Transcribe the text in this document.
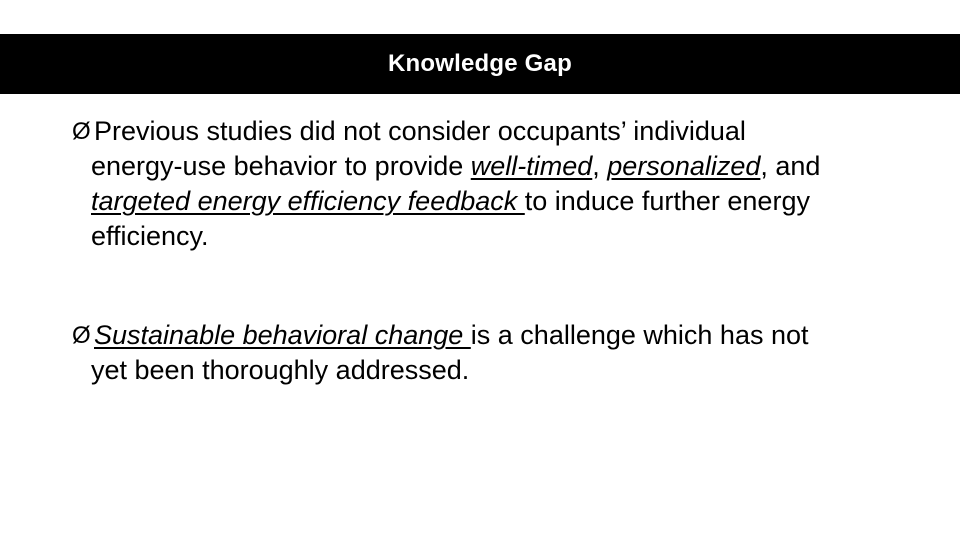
Knowledge Gap
Ø Previous studies did not consider occupants’ individual
energy-use behavior to provide well-timed, personalized, and
targeted energy efficiency feedback to induce further energy
efficiency.
Ø Sustainable behavioral change is a challenge which has not
yet been thoroughly addressed.
